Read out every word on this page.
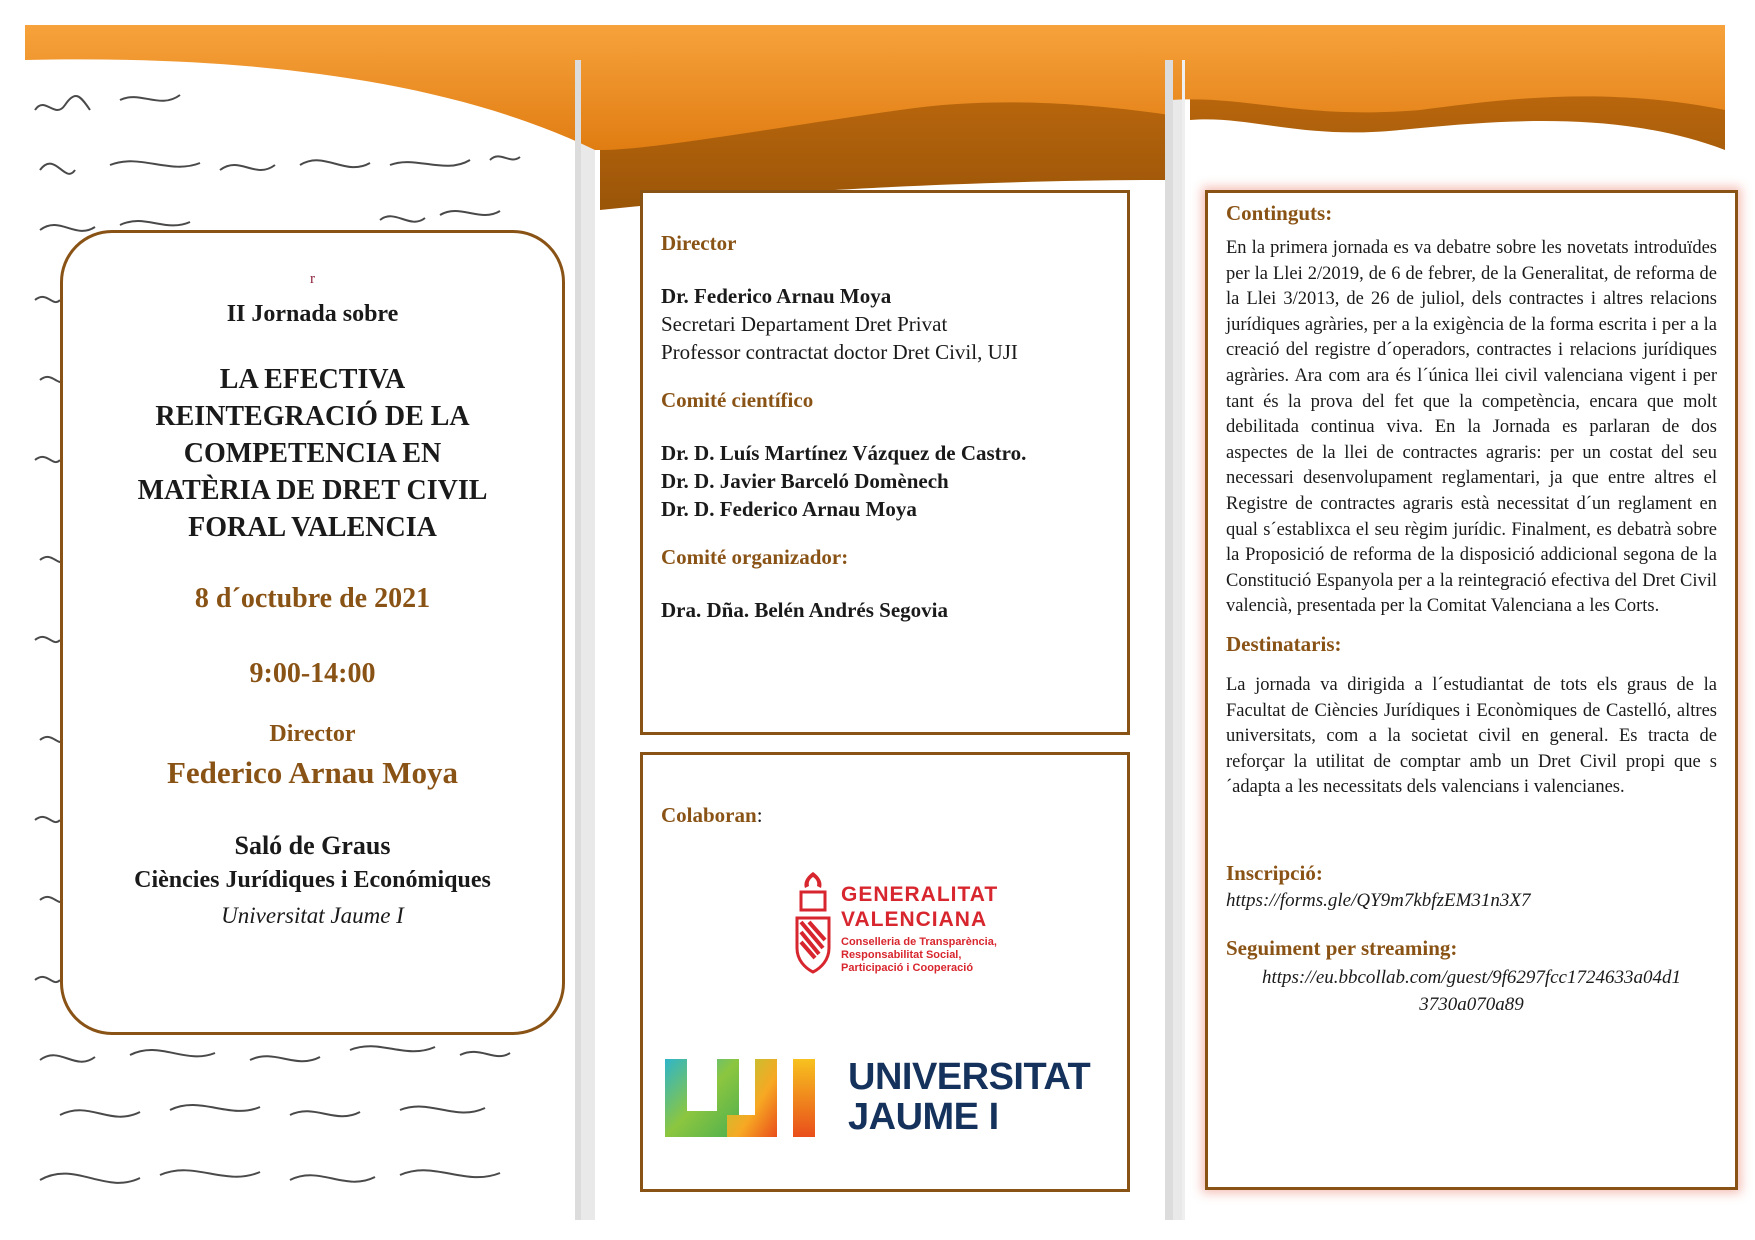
r
II Jornada sobre
LA EFECTIVA
REINTEGRACIÓ DE LA
COMPETENCIA EN
MATÈRIA DE DRET CIVIL
FORAL VALENCIA
8 d´octubre de 2021
9:00-14:00
Director
Federico Arnau Moya
Saló de Graus
Ciències Jurídiques i Económiques
Universitat Jaume I

Director

Dr. Federico Arnau Moya

Secretari Departament Dret Privat

Professor contractat doctor Dret Civil, UJI

Comité científico

Dr. D. Luís Martínez Vázquez de Castro.

Dr. D. Javier Barceló Domènech

Dr. D. Federico Arnau Moya

Comité organizador:

Dra. Dña. Belén Andrés Segovia

Colaboran:
GENERALITAT
VALENCIANA
Conselleria de Transparència,
Responsabilitat Social,
Participació i Cooperació
UNIVERSITAT
JAUME I

Continguts:

En la primera jornada es va debatre sobre les novetats introduïdes per la Llei 2/2019, de 6 de febrer, de la Generalitat, de reforma de la Llei 3/2013, de 26 de juliol, dels contractes i altres relacions jurídiques agràries, per a la exigència de la forma escrita i per a la creació del registre d´operadors, contractes i relacions jurídiques agràries. Ara com ara és l´única llei civil valenciana vigent i per tant és la prova del fet que la competència, encara que molt debilitada continua viva. En la Jornada es parlaran de dos aspectes de la llei de contractes agraris: per un costat del seu necessari desenvolupament reglamentari, ja que entre altres el Registre de contractes agraris està necessitat d´un reglament en qual s´establixca el seu règim jurídic. Finalment, es debatrà sobre la Proposició de reforma de la disposició addicional segona de la Constitució Espanyola per a la reintegració efectiva del Dret Civil valencià, presentada per la Comitat Valenciana a les Corts.

Destinataris:

La jornada va dirigida a l´estudiantat de tots els graus de la Facultat de Ciències Jurídiques i Econòmiques de Castelló, altres universitats, com a la societat civil en general. Es tracta de reforçar la utilitat de comptar amb un Dret Civil propi que s´adapta a les necessitats dels valencians i valencianes.

Inscripció:

https://forms.gle/QY9m7kbfzEM31n3X7

Seguiment per streaming:

https://eu.bbcollab.com/guest/9f6297fcc1724633a04d1
3730a070a89
